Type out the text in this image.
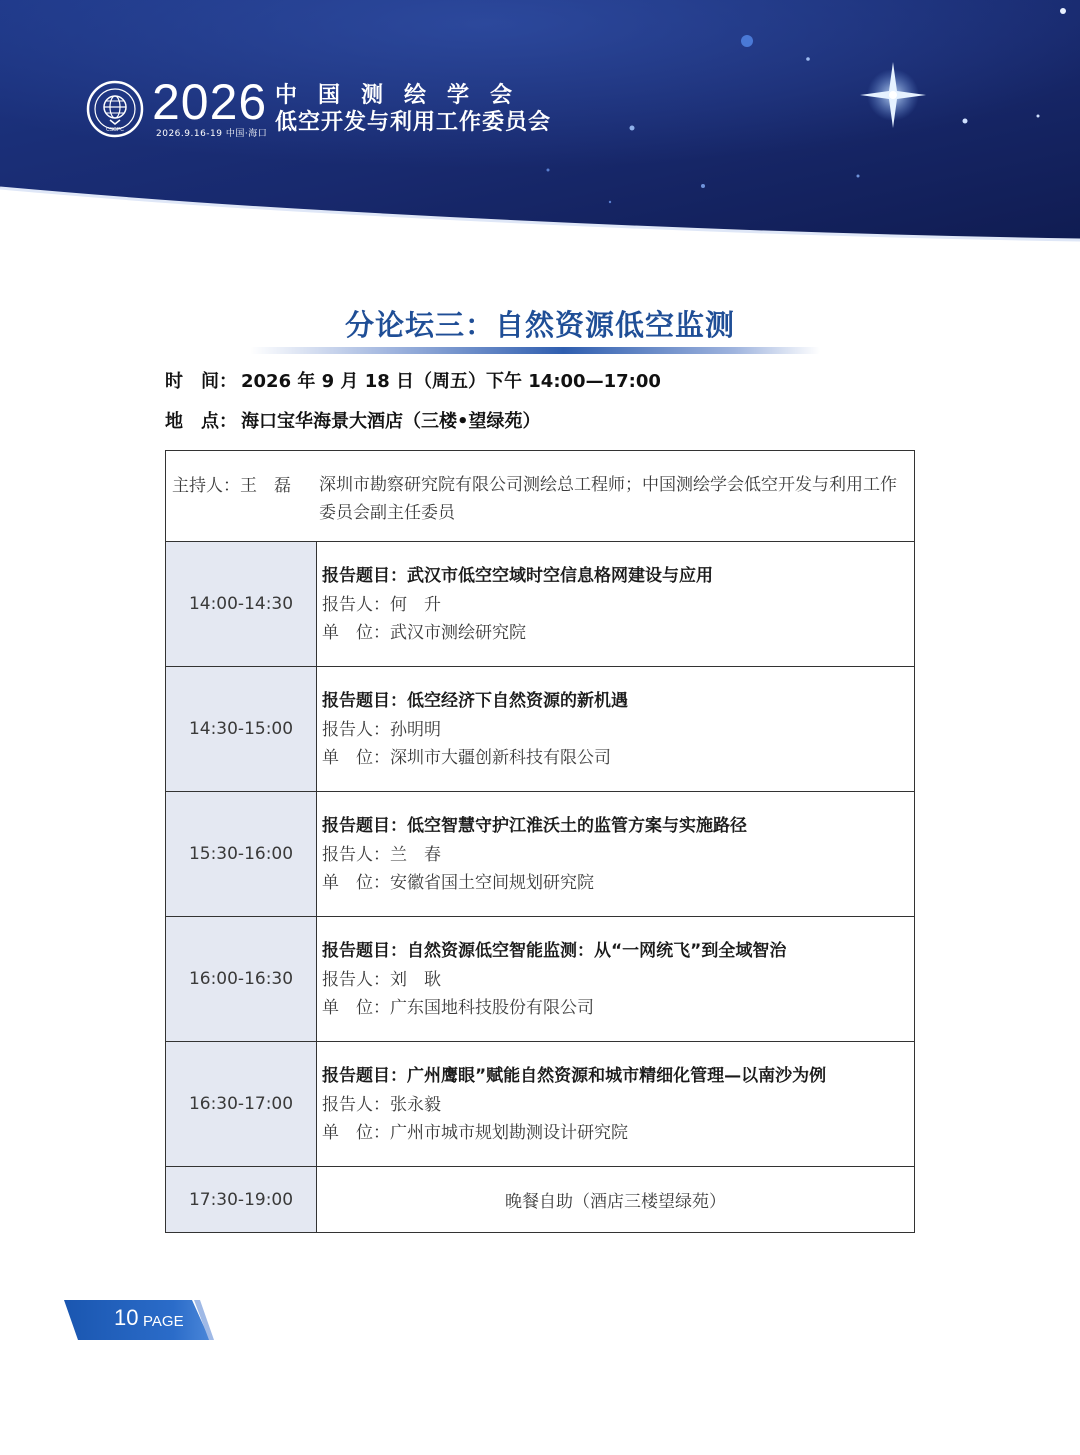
CSGPC 2026
2026.9.16-19 中国·海口
中国测绘学会
低空开发与利用工作委员会
分论坛三：自然资源低空监测
时　间： 2026 年 9 月 18 日（周五）下午 14:00—17:00
地　点： 海口宝华海景大酒店（三楼•望绿苑）
主持人：王　磊 深圳市勘察研究院有限公司测绘总工程师；中国测绘学会低空开发与利用工作委员会副主任委员
14:00-14:30
报告题目：武汉市低空空域时空信息格网建设与应用
报告人：何　升
单　位：武汉市测绘研究院
14:30-15:00
报告题目：低空经济下自然资源的新机遇
报告人：孙明明
单　位：深圳市大疆创新科技有限公司
15:30-16:00
报告题目：低空智慧守护江淮沃土的监管方案与实施路径
报告人：兰　春
单　位：安徽省国土空间规划研究院
16:00-16:30
报告题目：自然资源低空智能监测：从“一网统飞”到全域智治
报告人：刘　耿
单　位：广东国地科技股份有限公司
16:30-17:00
报告题目：广州鹰眼”赋能自然资源和城市精细化管理—以南沙为例
报告人：张永毅
单　位：广州市城市规划勘测设计研究院
17:30-19:00	晚餐自助（酒店三楼望绿苑）
10 PAGE
